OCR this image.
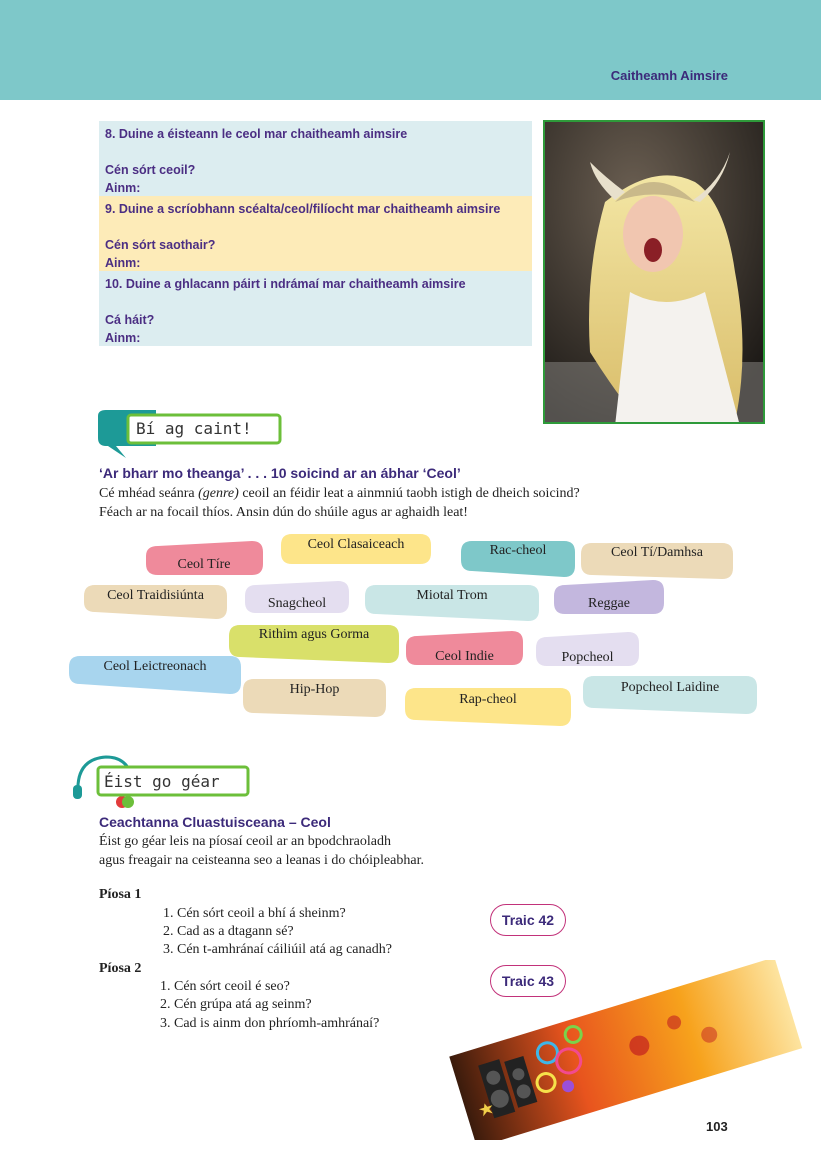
Caitheamh Aimsire
8. Duine a éisteann le ceol mar chaitheamh aimsire
Cén sórt ceoil?
Ainm:
9. Duine a scríobhann scéalta/ceol/filíocht mar chaitheamh aimsire
Cén sórt saothair?
Ainm:
10. Duine a ghlacann páirt i ndrámaí mar chaitheamh aimsire
Cá háit?
Ainm:
Bí ag caint!
‘Ar bharr mo theanga’ . . . 10 soicind ar an ábhar ‘Ceol’
Cé mhéad seánra (genre) ceoil an féidir leat a ainmniú taobh istigh de dheich soicind?
Féach ar na focail thíos. Ansin dún do shúile agus ar aghaidh leat!
Ceol Tíre
Ceol Clasaiceach	Rac-cheol	Ceol Tí/Damhsa
Ceol Traidisiúnta
Snagcheol
Miotal Trom
Reggae
Rithim agus Gorma
Ceol Indie	Popcheol
Ceol Leictreonach
Hip-Hop
Rap-cheol
Popcheol Laidine
Éist go géar
Ceachtanna Cluastuisceana – Ceol
Éist go géar leis na píosaí ceoil ar an bpodchraoladh
agus freagair na ceisteanna seo a leanas i do chóipleabhar.
Píosa 1
1. Cén sórt ceoil a bhí á sheinm?
2. Cad as a dtagann sé?
3. Cén t-amhránaí cáiliúil atá ag canadh?
Píosa 2
1. Cén sórt ceoil é seo?
2. Cén grúpa atá ag seinm?
3. Cad is ainm don phríomh-amhránaí?
Traic 42
Traic 43
103
